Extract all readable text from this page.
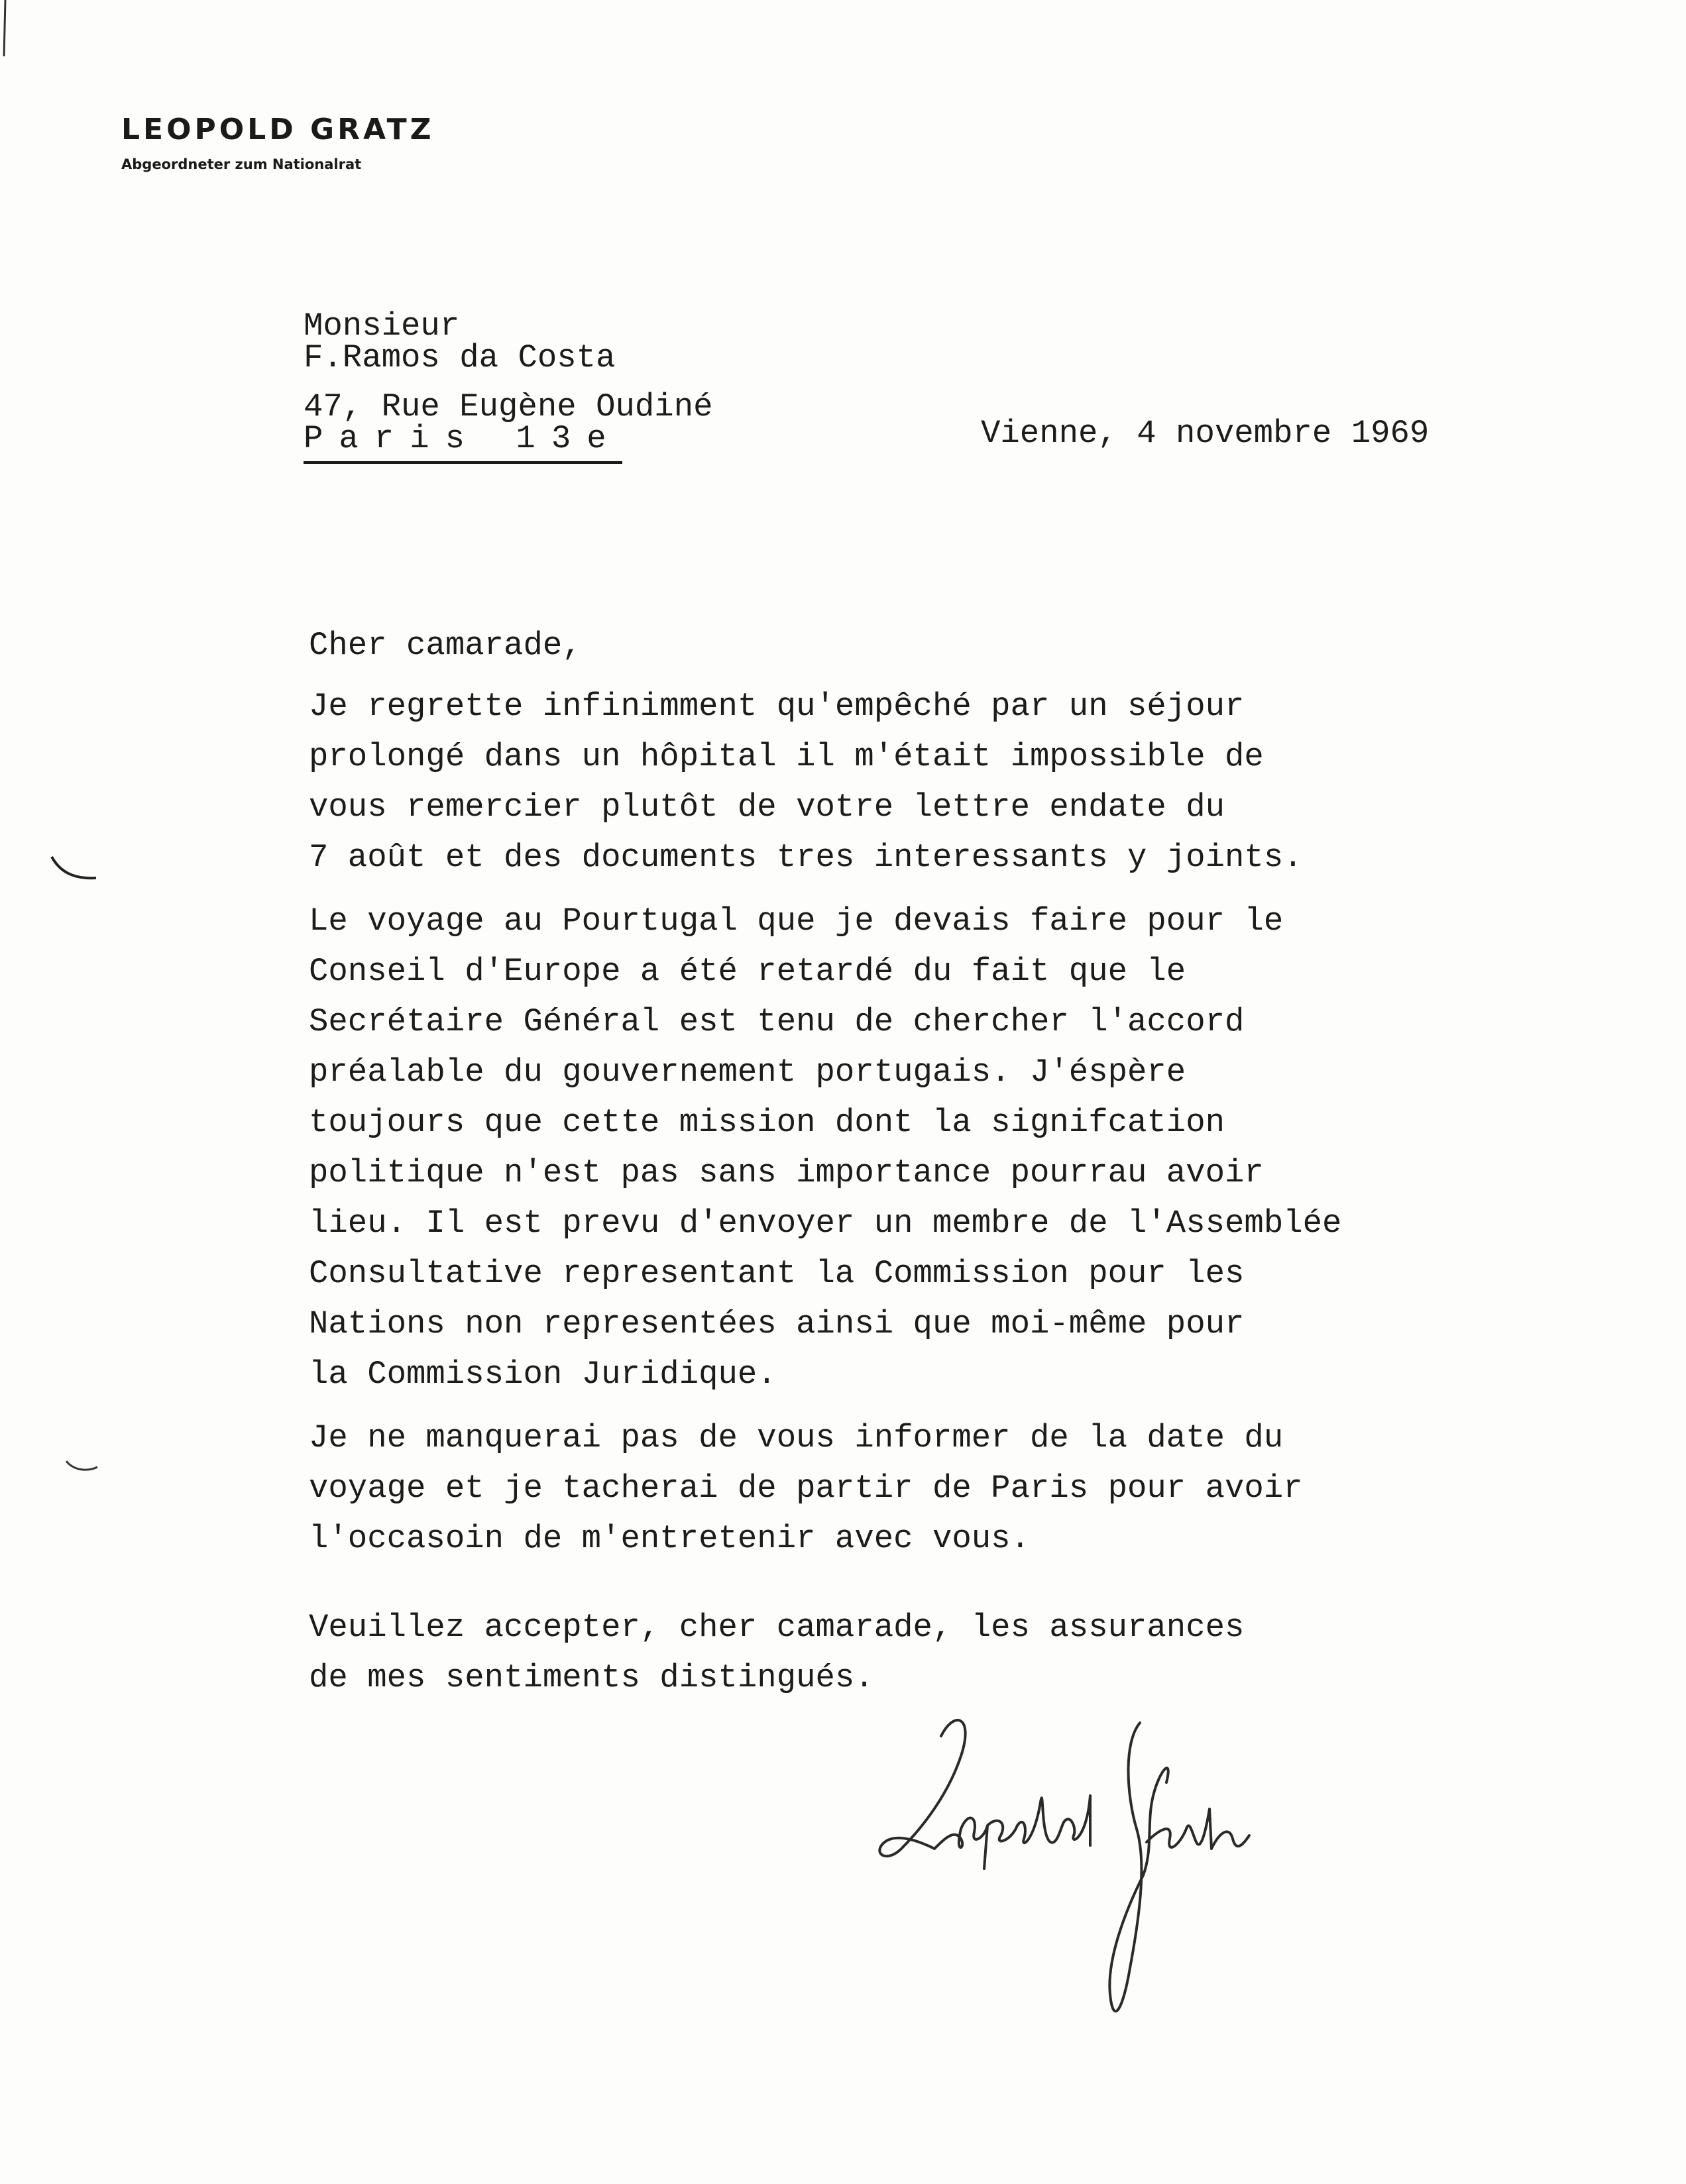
LEOPOLD GRATZ
Abgeordneter zum Nationalrat
Monsieur
F.Ramos da Costa
47, Rue Eugène Oudiné
Paris 13e	Vienne, 4 novembre 1969
Cher camarade,
Je regrette infinimment qu'empêché par un séjour
prolongé dans un hôpital il m'était impossible de
vous remercier plutôt de votre lettre endate du
7 août et des documents tres interessants y joints.
Le voyage au Pourtugal que je devais faire pour le
Conseil d'Europe a été retardé du fait que le
Secrétaire Général est tenu de chercher l'accord
préalable du gouvernement portugais. J'éspère
toujours que cette mission dont la signifcation
politique n'est pas sans importance pourrau avoir
lieu. Il est prevu d'envoyer un membre de l'Assemblée
Consultative representant la Commission pour les
Nations non representées ainsi que moi-même pour
la Commission Juridique.
Je ne manquerai pas de vous informer de la date du
voyage et je tacherai de partir de Paris pour avoir
l'occasoin de m'entretenir avec vous.
Veuillez accepter, cher camarade, les assurances
de mes sentiments distingués.
